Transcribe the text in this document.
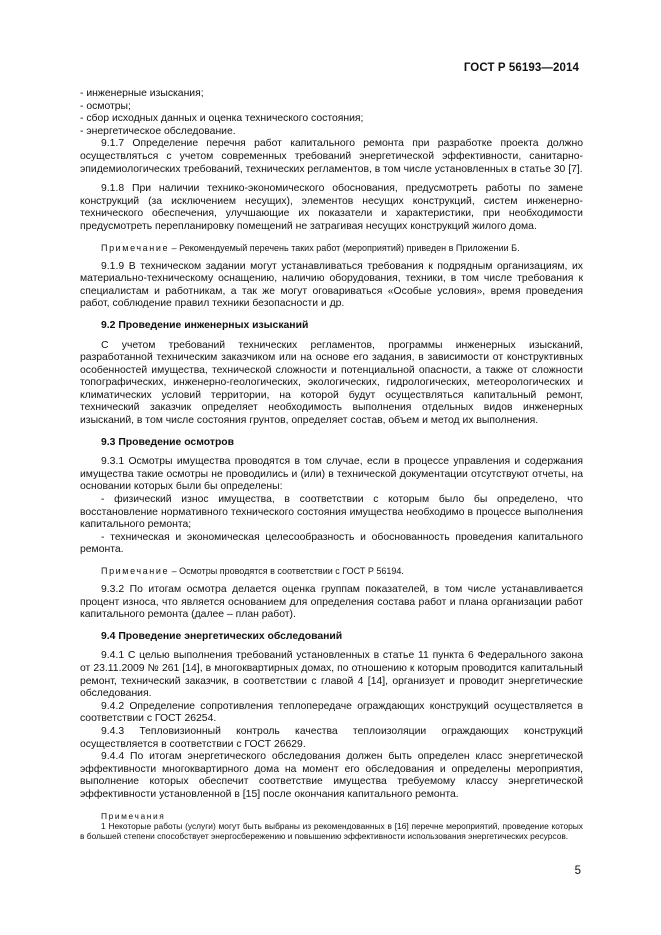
ГОСТ Р 56193—2014

- инженерные изыскания;

- осмотры;

- сбор исходных данных и оценка технического состояния;

- энергетическое обследование.

9.1.7 Определение перечня работ капитального ремонта при разработке проекта должно осуществляться с учетом современных требований энергетической эффективности, санитарно-эпидемиологических требований, технических регламентов, в том числе установленных в статье 30 [7].

9.1.8 При наличии технико-экономического обоснования, предусмотреть работы по замене конструкций (за исключением несущих), элементов несущих конструкций, систем инженерно-технического обеспечения, улучшающие их показатели и характеристики, при необходимости предусмотреть перепланировку помещений не затрагивая несущих конструкций жилого дома.

Примечание – Рекомендуемый перечень таких работ (мероприятий) приведен в Приложении Б.

9.1.9 В техническом задании могут устанавливаться требования к подрядным организациям, их материально-техническому оснащению, наличию оборудования, техники, в том числе требования к специалистам и работникам, а так же могут оговариваться «Особые условия», время проведения работ, соблюдение правил техники безопасности и др.

9.2 Проведение инженерных изысканий

С учетом требований технических регламентов, программы инженерных изысканий, разработанной техническим заказчиком или на основе его задания, в зависимости от конструктивных особенностей имущества, технической сложности и потенциальной опасности, а также от сложности топографических, инженерно-геологических, экологических, гидрологических, метеорологических и климатических условий территории, на которой будут осуществляться капитальный ремонт, технический заказчик определяет необходимость выполнения отдельных видов инженерных изысканий, в том числе состояния грунтов, определяет состав, объем и метод их выполнения.

9.3 Проведение осмотров

9.3.1 Осмотры имущества проводятся в том случае, если в процессе управления и содержания имущества такие осмотры не проводились и (или) в технической документации отсутствуют отчеты, на основании которых были бы определены:

- физический износ имущества, в соответствии с которым было бы определено, что восстановление нормативного технического состояния имущества необходимо в процессе выполнения капитального ремонта;

- техническая и экономическая целесообразность и обоснованность проведения капитального ремонта.

Примечание – Осмотры проводятся в соответствии с ГОСТ Р 56194.

9.3.2 По итогам осмотра делается оценка группам показателей, в том числе устанавливается процент износа, что является основанием для определения состава работ и плана организации работ капитального ремонта (далее – план работ).

9.4 Проведение энергетических обследований

9.4.1 С целью выполнения требований установленных в статье 11 пункта 6 Федерального закона от 23.11.2009 № 261 [14], в многоквартирных домах, по отношению к которым проводится капитальный ремонт, технический заказчик, в соответствии с главой 4 [14], организует и проводит энергетические обследования.

9.4.2 Определение сопротивления теплопередаче ограждающих конструкций осуществляется в соответствии с ГОСТ 26254.

9.4.3 Тепловизионный контроль качества теплоизоляции ограждающих конструкций осуществляется в соответствии с ГОСТ 26629.

9.4.4 По итогам энергетического обследования должен быть определен класс энергетической эффективности многоквартирного дома на момент его обследования и определены мероприятия, выполнение которых обеспечит соответствие имущества требуемому классу энергетической эффективности установленной в [15] после окончания капитального ремонта.

Примечания

1 Некоторые работы (услуги) могут быть выбраны из рекомендованных в [16] перечне мероприятий, проведение которых в большей степени способствует энергосбережению и повышению эффективности использования энергетических ресурсов.

5
